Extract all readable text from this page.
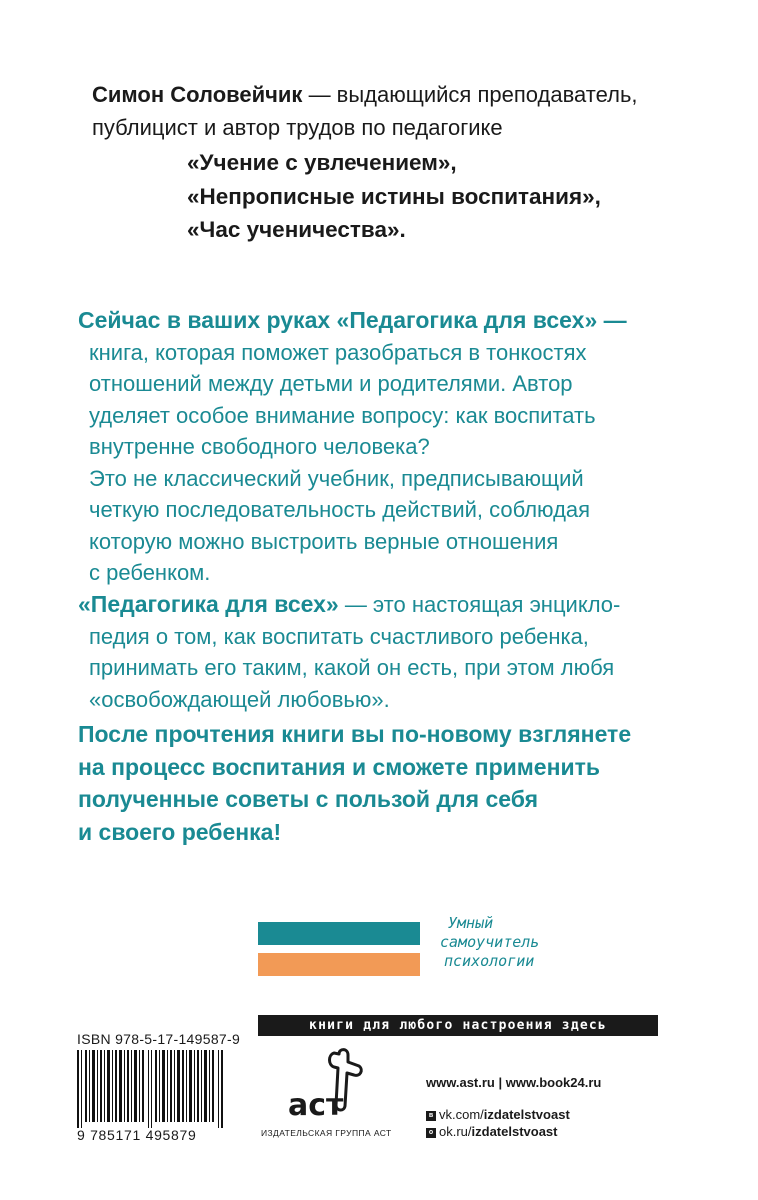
Симон Соловейчик — выдающийся преподаватель,
публицист и автор трудов по педагогике
«Учение с увлечением»,
«Непрописные истины воспитания»,
«Час ученичества».
Сейчас в ваших руках «Педагогика для всех» —
книга, которая поможет разобраться в тонкостях
отношений между детьми и родителями. Автор
уделяет особое внимание вопросу: как воспитать
внутренне свободного человека?
Это не классический учебник, предписывающий
четкую последовательность действий, соблюдая
которую можно выстроить верные отношения
с ребенком.
«Педагогика для всех» — это настоящая энцикло-
педия о том, как воспитать счастливого ребенка,
принимать его таким, какой он есть, при этом любя
«освобождающей любовью».
После прочтения книги вы по-новому взглянете
на процесс воспитания и сможете применить
полученные советы с пользой для себя
и своего ребенка!
Умный
самоучитель
психологии
книги для любого настроения здесь
ISBN 978-5-17-149587-9
9 785171 495879
аст
ИЗДАТЕЛЬСКАЯ ГРУППА АСТ
www.ast.ru | www.book24.ru
в vk.com/izdatelstvoast
о ok.ru/izdatelstvoast
